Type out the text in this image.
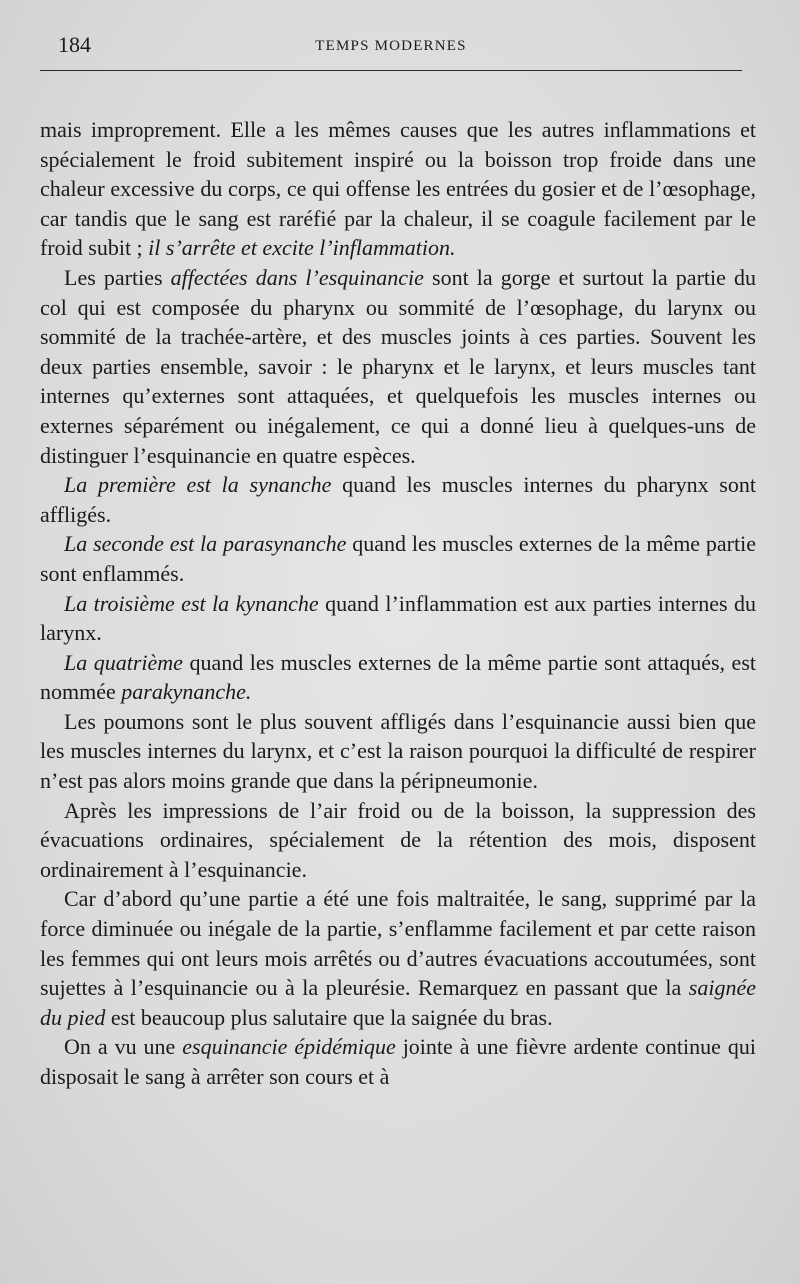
184	TEMPS MODERNES

mais improprement. Elle a les mêmes causes que les autres inflammations et spécialement le froid subitement inspiré ou la boisson trop froide dans une chaleur excessive du corps, ce qui offense les entrées du gosier et de l’œsophage, car tandis que le sang est raréfié par la chaleur, il se coagule facilement par le froid subit ; il s’arrête et excite l’inflammation.

Les parties affectées dans l’esquinancie sont la gorge et surtout la partie du col qui est composée du pharynx ou sommité de l’œsophage, du larynx ou sommité de la trachée-artère, et des muscles joints à ces parties. Souvent les deux parties ensemble, savoir : le pharynx et le larynx, et leurs muscles tant internes qu’externes sont attaquées, et quelquefois les muscles internes ou externes séparément ou inégalement, ce qui a donné lieu à quelques-uns de distinguer l’esquinancie en quatre espèces.

La première est la synanche quand les muscles internes du pharynx sont affligés.

La seconde est la parasynanche quand les muscles externes de la même partie sont enflammés.

La troisième est la kynanche quand l’inflammation est aux parties internes du larynx.

La quatrième quand les muscles externes de la même partie sont attaqués, est nommée parakynanche.

Les poumons sont le plus souvent affligés dans l’esquinancie aussi bien que les muscles internes du larynx, et c’est la raison pourquoi la difficulté de respirer n’est pas alors moins grande que dans la péripneumonie.

Après les impressions de l’air froid ou de la boisson, la suppression des évacuations ordinaires, spécialement de la rétention des mois, disposent ordinairement à l’esquinancie.

Car d’abord qu’une partie a été une fois maltraitée, le sang, supprimé par la force diminuée ou inégale de la partie, s’enflamme facilement et par cette raison les femmes qui ont leurs mois arrêtés ou d’autres évacuations accoutumées, sont sujettes à l’esquinancie ou à la pleurésie. Remarquez en passant que la saignée du pied est beaucoup plus salutaire que la saignée du bras.

On a vu une esquinancie épidémique jointe à une fièvre ardente continue qui disposait le sang à arrêter son cours et à
